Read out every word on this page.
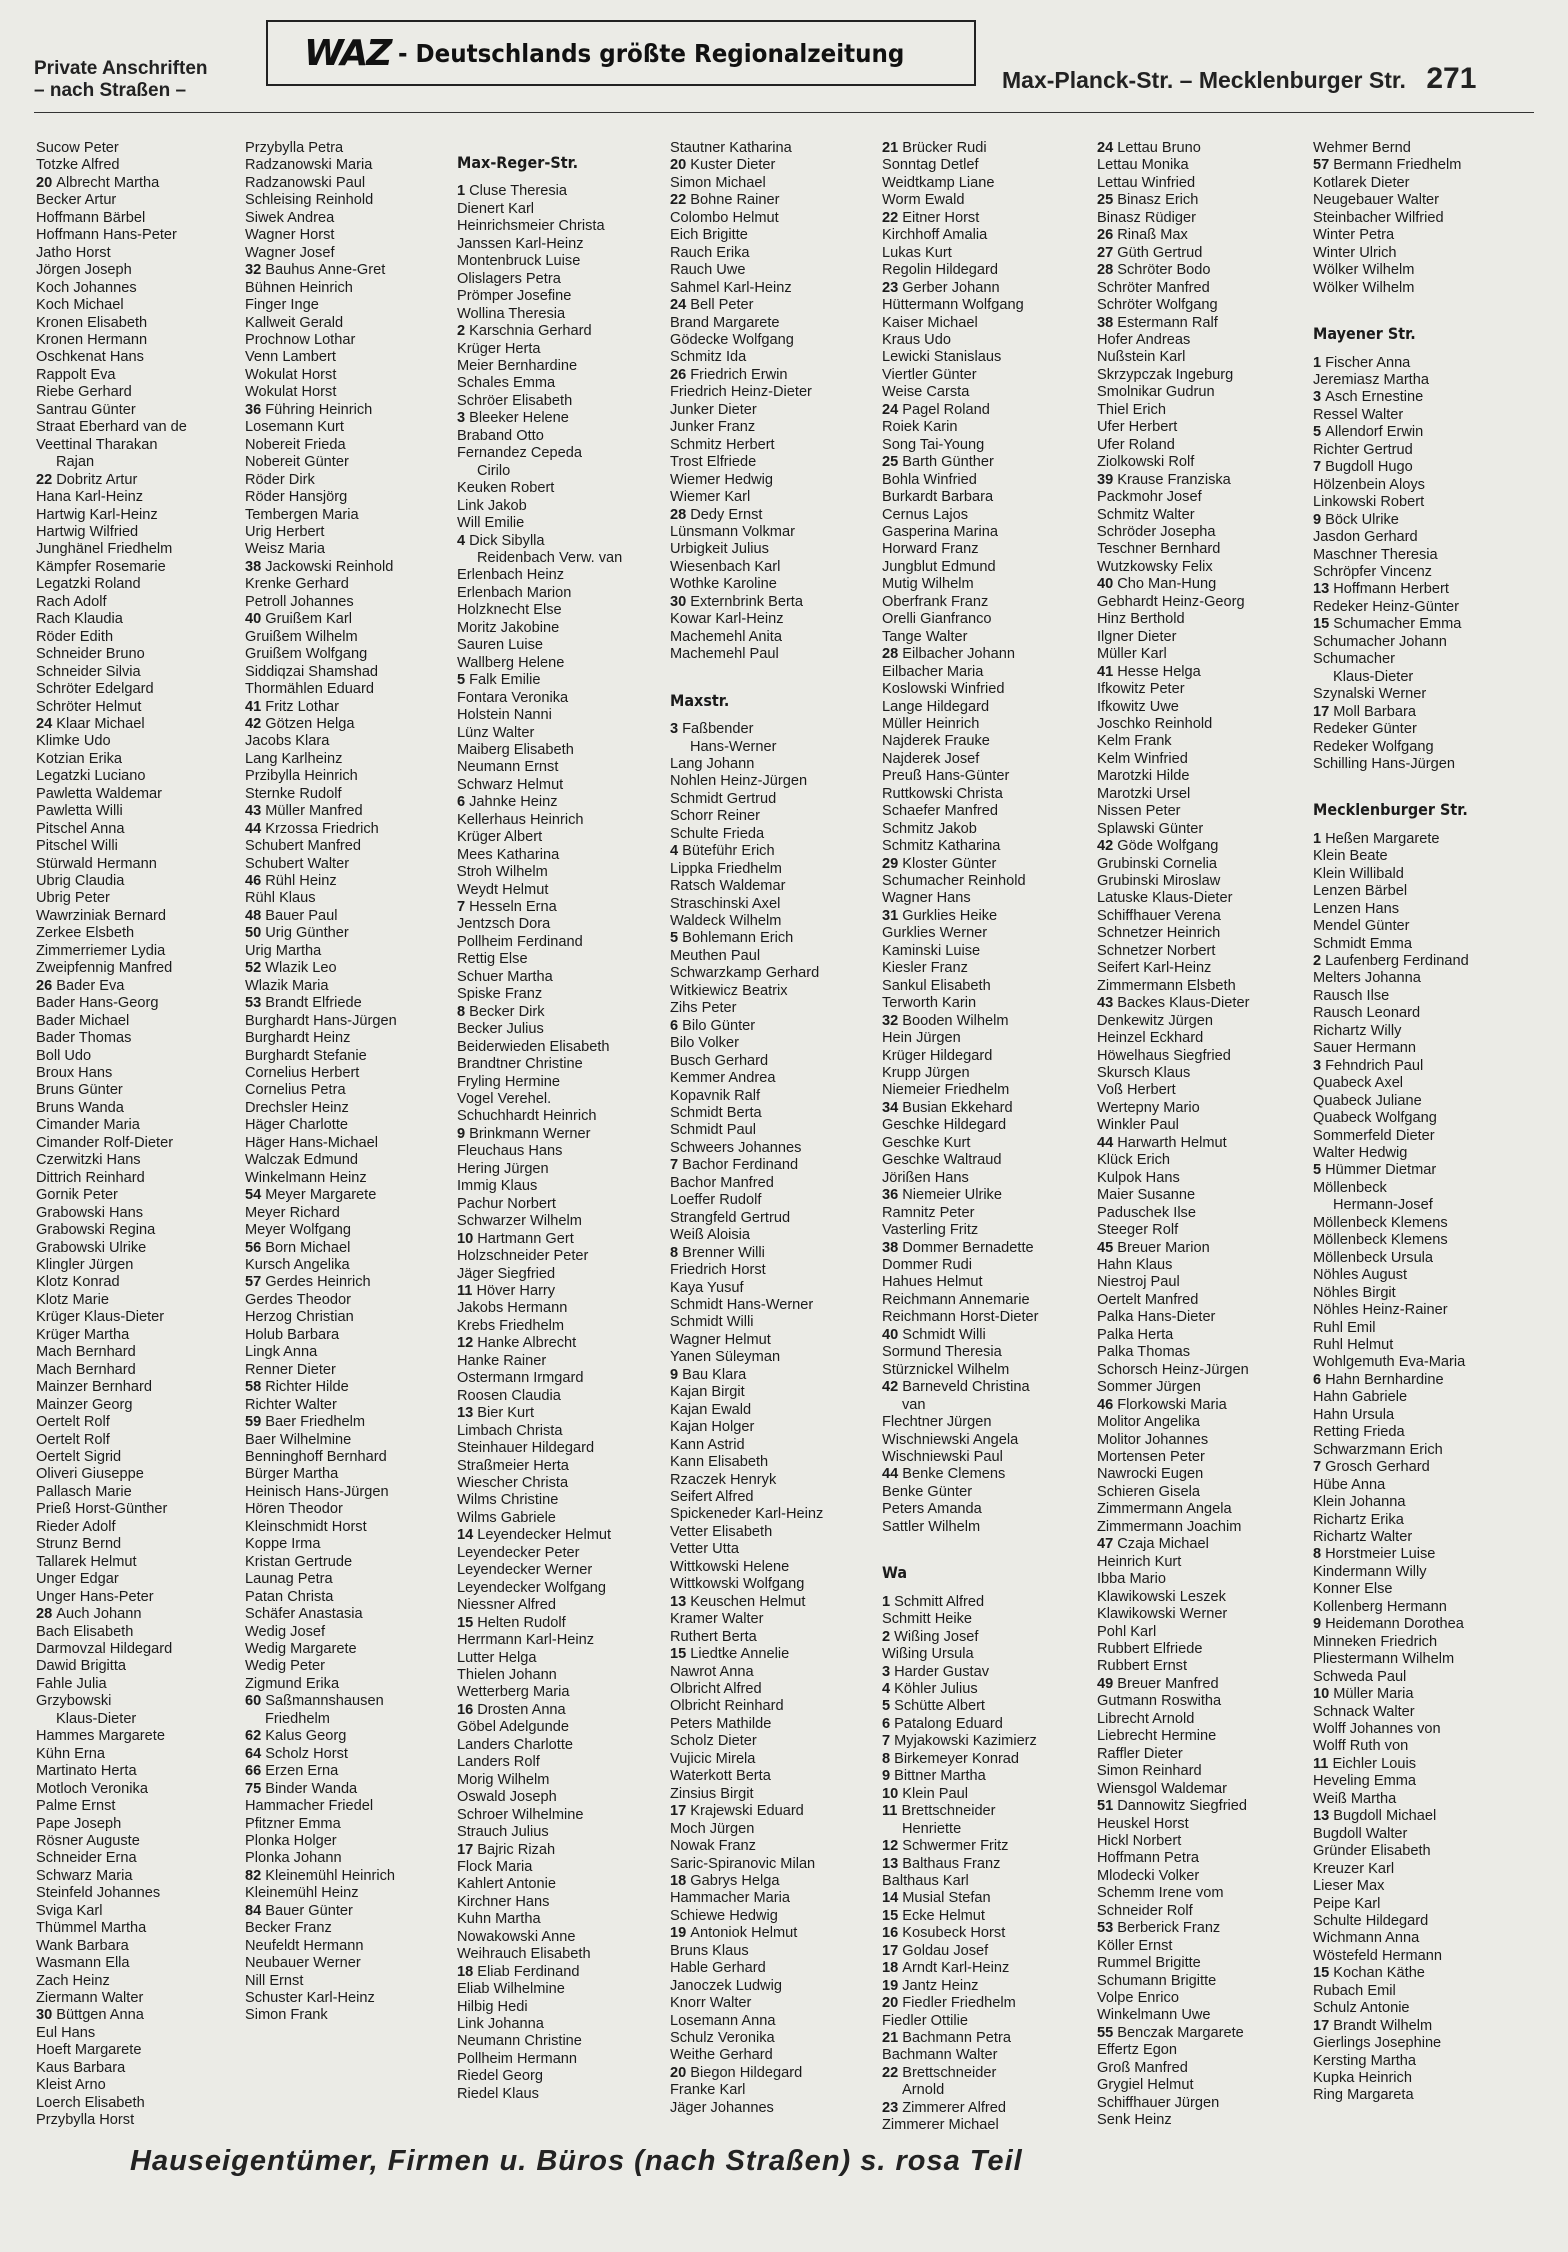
Private Anschriften
– nach Straßen –
WAZ - Deutschlands größte Regionalzeitung
Max-Planck-Str. – Mecklenburger Str. 271
Sucow Peter
Totzke Alfred
20 Albrecht Martha
Becker Artur
Hoffmann Bärbel
Hoffmann Hans-Peter
Jatho Horst
Jörgen Joseph
Koch Johannes
Koch Michael
Kronen Elisabeth
Kronen Hermann
Oschkenat Hans
Rappolt Eva
Riebe Gerhard
Santrau Günter
Straat Eberhard van de
Veettinal Tharakan
Rajan
22 Dobritz Artur
Hana Karl-Heinz
Hartwig Karl-Heinz
Hartwig Wilfried
Junghänel Friedhelm
Kämpfer Rosemarie
Legatzki Roland
Rach Adolf
Rach Klaudia
Röder Edith
Schneider Bruno
Schneider Silvia
Schröter Edelgard
Schröter Helmut
24 Klaar Michael
Klimke Udo
Kotzian Erika
Legatzki Luciano
Pawletta Waldemar
Pawletta Willi
Pitschel Anna
Pitschel Willi
Stürwald Hermann
Ubrig Claudia
Ubrig Peter
Wawrziniak Bernard
Zerkee Elsbeth
Zimmerriemer Lydia
Zweipfennig Manfred
26 Bader Eva
Bader Hans-Georg
Bader Michael
Bader Thomas
Boll Udo
Broux Hans
Bruns Günter
Bruns Wanda
Cimander Maria
Cimander Rolf-Dieter
Czerwitzki Hans
Dittrich Reinhard
Gornik Peter
Grabowski Hans
Grabowski Regina
Grabowski Ulrike
Klingler Jürgen
Klotz Konrad
Klotz Marie
Krüger Klaus-Dieter
Krüger Martha
Mach Bernhard
Mach Bernhard
Mainzer Bernhard
Mainzer Georg
Oertelt Rolf
Oertelt Rolf
Oertelt Sigrid
Oliveri Giuseppe
Pallasch Marie
Prieß Horst-Günther
Rieder Adolf
Strunz Bernd
Tallarek Helmut
Unger Edgar
Unger Hans-Peter
28 Auch Johann
Bach Elisabeth
Darmovzal Hildegard
Dawid Brigitta
Fahle Julia
Grzybowski
Klaus-Dieter
Hammes Margarete
Kühn Erna
Martinato Herta
Motloch Veronika
Palme Ernst
Pape Joseph
Rösner Auguste
Schneider Erna
Schwarz Maria
Steinfeld Johannes
Sviga Karl
Thümmel Martha
Wank Barbara
Wasmann Ella
Zach Heinz
Ziermann Walter
30 Büttgen Anna
Eul Hans
Hoeft Margarete
Kaus Barbara
Kleist Arno
Loerch Elisabeth
Przybylla Horst
Przybylla Petra
Radzanowski Maria
Radzanowski Paul
Schleising Reinhold
Siwek Andrea
Wagner Horst
Wagner Josef
32 Bauhus Anne-Gret
Bühnen Heinrich
Finger Inge
Kallweit Gerald
Prochnow Lothar
Venn Lambert
Wokulat Horst
Wokulat Horst
36 Führing Heinrich
Losemann Kurt
Nobereit Frieda
Nobereit Günter
Röder Dirk
Röder Hansjörg
Tembergen Maria
Urig Herbert
Weisz Maria
38 Jackowski Reinhold
Krenke Gerhard
Petroll Johannes
40 Gruißem Karl
Gruißem Wilhelm
Gruißem Wolfgang
Siddiqzai Shamshad
Thormählen Eduard
41 Fritz Lothar
42 Götzen Helga
Jacobs Klara
Lang Karlheinz
Przibylla Heinrich
Sternke Rudolf
43 Müller Manfred
44 Krzossa Friedrich
Schubert Manfred
Schubert Walter
46 Rühl Heinz
Rühl Klaus
48 Bauer Paul
50 Urig Günther
Urig Martha
52 Wlazik Leo
Wlazik Maria
53 Brandt Elfriede
Burghardt Hans-Jürgen
Burghardt Heinz
Burghardt Stefanie
Cornelius Herbert
Cornelius Petra
Drechsler Heinz
Häger Charlotte
Häger Hans-Michael
Walczak Edmund
Winkelmann Heinz
54 Meyer Margarete
Meyer Richard
Meyer Wolfgang
56 Born Michael
Kursch Angelika
57 Gerdes Heinrich
Gerdes Theodor
Herzog Christian
Holub Barbara
Lingk Anna
Renner Dieter
58 Richter Hilde
Richter Walter
59 Baer Friedhelm
Baer Wilhelmine
Benninghoff Bernhard
Bürger Martha
Heinisch Hans-Jürgen
Hören Theodor
Kleinschmidt Horst
Koppe Irma
Kristan Gertrude
Launag Petra
Patan Christa
Schäfer Anastasia
Wedig Josef
Wedig Margarete
Wedig Peter
Zigmund Erika
60 Saßmannshausen
Friedhelm
62 Kalus Georg
64 Scholz Horst
66 Erzen Erna
75 Binder Wanda
Hammacher Friedel
Pfitzner Emma
Plonka Holger
Plonka Johann
82 Kleinemühl Heinrich
Kleinemühl Heinz
84 Bauer Günter
Becker Franz
Neufeldt Hermann
Neubauer Werner
Nill Ernst
Schuster Karl-Heinz
Simon Frank
Max-Reger-Str.
1 Cluse Theresia
Dienert Karl
Heinrichsmeier Christa
Janssen Karl-Heinz
Montenbruck Luise
Olislagers Petra
Prömper Josefine
Wollina Theresia
2 Karschnia Gerhard
Krüger Herta
Meier Bernhardine
Schales Emma
Schröer Elisabeth
3 Bleeker Helene
Braband Otto
Fernandez Cepeda
Cirilo
Keuken Robert
Link Jakob
Will Emilie
4 Dick Sibylla
Reidenbach Verw. van
Erlenbach Heinz
Erlenbach Marion
Holzknecht Else
Moritz Jakobine
Sauren Luise
Wallberg Helene
5 Falk Emilie
Fontara Veronika
Holstein Nanni
Lünz Walter
Maiberg Elisabeth
Neumann Ernst
Schwarz Helmut
6 Jahnke Heinz
Kellerhaus Heinrich
Krüger Albert
Mees Katharina
Stroh Wilhelm
Weydt Helmut
7 Hesseln Erna
Jentzsch Dora
Pollheim Ferdinand
Rettig Else
Schuer Martha
Spiske Franz
8 Becker Dirk
Becker Julius
Beiderwieden Elisabeth
Brandtner Christine
Fryling Hermine
Vogel Verehel.
Schuchhardt Heinrich
9 Brinkmann Werner
Fleuchaus Hans
Hering Jürgen
Immig Klaus
Pachur Norbert
Schwarzer Wilhelm
10 Hartmann Gert
Holzschneider Peter
Jäger Siegfried
11 Höver Harry
Jakobs Hermann
Krebs Friedhelm
12 Hanke Albrecht
Hanke Rainer
Ostermann Irmgard
Roosen Claudia
13 Bier Kurt
Limbach Christa
Steinhauer Hildegard
Straßmeier Herta
Wiescher Christa
Wilms Christine
Wilms Gabriele
14 Leyendecker Helmut
Leyendecker Peter
Leyendecker Werner
Leyendecker Wolfgang
Niessner Alfred
15 Helten Rudolf
Herrmann Karl-Heinz
Lutter Helga
Thielen Johann
Wetterberg Maria
16 Drosten Anna
Göbel Adelgunde
Landers Charlotte
Landers Rolf
Morig Wilhelm
Oswald Joseph
Schroer Wilhelmine
Strauch Julius
17 Bajric Rizah
Flock Maria
Kahlert Antonie
Kirchner Hans
Kuhn Martha
Nowakowski Anne
Weihrauch Elisabeth
18 Eliab Ferdinand
Eliab Wilhelmine
Hilbig Hedi
Link Johanna
Neumann Christine
Pollheim Hermann
Riedel Georg
Riedel Klaus
Stautner Katharina
20 Kuster Dieter
Simon Michael
22 Bohne Rainer
Colombo Helmut
Eich Brigitte
Rauch Erika
Rauch Uwe
Sahmel Karl-Heinz
24 Bell Peter
Brand Margarete
Gödecke Wolfgang
Schmitz Ida
26 Friedrich Erwin
Friedrich Heinz-Dieter
Junker Dieter
Junker Franz
Schmitz Herbert
Trost Elfriede
Wiemer Hedwig
Wiemer Karl
28 Dedy Ernst
Lünsmann Volkmar
Urbigkeit Julius
Wiesenbach Karl
Wothke Karoline
30 Externbrink Berta
Kowar Karl-Heinz
Machemehl Anita
Machemehl Paul
Maxstr.
3 Faßbender
Hans-Werner
Lang Johann
Nohlen Heinz-Jürgen
Schmidt Gertrud
Schorr Reiner
Schulte Frieda
4 Büteführ Erich
Lippka Friedhelm
Ratsch Waldemar
Straschinski Axel
Waldeck Wilhelm
5 Bohlemann Erich
Meuthen Paul
Schwarzkamp Gerhard
Witkiewicz Beatrix
Zihs Peter
6 Bilo Günter
Bilo Volker
Busch Gerhard
Kemmer Andrea
Kopavnik Ralf
Schmidt Berta
Schmidt Paul
Schweers Johannes
7 Bachor Ferdinand
Bachor Manfred
Loeffer Rudolf
Strangfeld Gertrud
Weiß Aloisia
8 Brenner Willi
Friedrich Horst
Kaya Yusuf
Schmidt Hans-Werner
Schmidt Willi
Wagner Helmut
Yanen Süleyman
9 Bau Klara
Kajan Birgit
Kajan Ewald
Kajan Holger
Kann Astrid
Kann Elisabeth
Rzaczek Henryk
Seifert Alfred
Spickeneder Karl-Heinz
Vetter Elisabeth
Vetter Utta
Wittkowski Helene
Wittkowski Wolfgang
13 Keuschen Helmut
Kramer Walter
Ruthert Berta
15 Liedtke Annelie
Nawrot Anna
Olbricht Alfred
Olbricht Reinhard
Peters Mathilde
Scholz Dieter
Vujicic Mirela
Waterkott Berta
Zinsius Birgit
17 Krajewski Eduard
Moch Jürgen
Nowak Franz
Saric-Spiranovic Milan
18 Gabrys Helga
Hammacher Maria
Schiewe Hedwig
19 Antoniok Helmut
Bruns Klaus
Hable Gerhard
Janoczek Ludwig
Knorr Walter
Losemann Anna
Schulz Veronika
Weithe Gerhard
20 Biegon Hildegard
Franke Karl
Jäger Johannes
21 Brücker Rudi
Sonntag Detlef
Weidtkamp Liane
Worm Ewald
22 Eitner Horst
Kirchhoff Amalia
Lukas Kurt
Regolin Hildegard
23 Gerber Johann
Hüttermann Wolfgang
Kaiser Michael
Kraus Udo
Lewicki Stanislaus
Viertler Günter
Weise Carsta
24 Pagel Roland
Roiek Karin
Song Tai-Young
25 Barth Günther
Bohla Winfried
Burkardt Barbara
Cernus Lajos
Gasperina Marina
Horward Franz
Jungblut Edmund
Mutig Wilhelm
Oberfrank Franz
Orelli Gianfranco
Tange Walter
28 Eilbacher Johann
Eilbacher Maria
Koslowski Winfried
Lange Hildegard
Müller Heinrich
Najderek Frauke
Najderek Josef
Preuß Hans-Günter
Ruttkowski Christa
Schaefer Manfred
Schmitz Jakob
Schmitz Katharina
29 Kloster Günter
Schumacher Reinhold
Wagner Hans
31 Gurklies Heike
Gurklies Werner
Kaminski Luise
Kiesler Franz
Sankul Elisabeth
Terworth Karin
32 Booden Wilhelm
Hein Jürgen
Krüger Hildegard
Krupp Jürgen
Niemeier Friedhelm
34 Busian Ekkehard
Geschke Hildegard
Geschke Kurt
Geschke Waltraud
Jörißen Hans
36 Niemeier Ulrike
Ramnitz Peter
Vasterling Fritz
38 Dommer Bernadette
Dommer Rudi
Hahues Helmut
Reichmann Annemarie
Reichmann Horst-Dieter
40 Schmidt Willi
Sormund Theresia
Stürznickel Wilhelm
42 Barneveld Christina
van
Flechtner Jürgen
Wischniewski Angela
Wischniewski Paul
44 Benke Clemens
Benke Günter
Peters Amanda
Sattler Wilhelm
Wa
1 Schmitt Alfred
Schmitt Heike
2 Wißing Josef
Wißing Ursula
3 Harder Gustav
4 Köhler Julius
5 Schütte Albert
6 Patalong Eduard
7 Myjakowski Kazimierz
8 Birkemeyer Konrad
9 Bittner Martha
10 Klein Paul
11 Brettschneider
Henriette
12 Schwermer Fritz
13 Balthaus Franz
Balthaus Karl
14 Musial Stefan
15 Ecke Helmut
16 Kosubeck Horst
17 Goldau Josef
18 Arndt Karl-Heinz
19 Jantz Heinz
20 Fiedler Friedhelm
Fiedler Ottilie
21 Bachmann Petra
Bachmann Walter
22 Brettschneider
Arnold
23 Zimmerer Alfred
Zimmerer Michael
24 Lettau Bruno
Lettau Monika
Lettau Winfried
25 Binasz Erich
Binasz Rüdiger
26 Rinaß Max
27 Güth Gertrud
28 Schröter Bodo
Schröter Manfred
Schröter Wolfgang
38 Estermann Ralf
Hofer Andreas
Nußstein Karl
Skrzypczak Ingeburg
Smolnikar Gudrun
Thiel Erich
Ufer Herbert
Ufer Roland
Ziolkowski Rolf
39 Krause Franziska
Packmohr Josef
Schmitz Walter
Schröder Josepha
Teschner Bernhard
Wutzkowsky Felix
40 Cho Man-Hung
Gebhardt Heinz-Georg
Hinz Berthold
Ilgner Dieter
Müller Karl
41 Hesse Helga
Ifkowitz Peter
Ifkowitz Uwe
Joschko Reinhold
Kelm Frank
Kelm Winfried
Marotzki Hilde
Marotzki Ursel
Nissen Peter
Splawski Günter
42 Göde Wolfgang
Grubinski Cornelia
Grubinski Miroslaw
Latuske Klaus-Dieter
Schiffhauer Verena
Schnetzer Heinrich
Schnetzer Norbert
Seifert Karl-Heinz
Zimmermann Elsbeth
43 Backes Klaus-Dieter
Denkewitz Jürgen
Heinzel Eckhard
Höwelhaus Siegfried
Skursch Klaus
Voß Herbert
Wertepny Mario
Winkler Paul
44 Harwarth Helmut
Klück Erich
Kulpok Hans
Maier Susanne
Paduschek Ilse
Steeger Rolf
45 Breuer Marion
Hahn Klaus
Niestroj Paul
Oertelt Manfred
Palka Hans-Dieter
Palka Herta
Palka Thomas
Schorsch Heinz-Jürgen
Sommer Jürgen
46 Florkowski Maria
Molitor Angelika
Molitor Johannes
Mortensen Peter
Nawrocki Eugen
Schieren Gisela
Zimmermann Angela
Zimmermann Joachim
47 Czaja Michael
Heinrich Kurt
Ibba Mario
Klawikowski Leszek
Klawikowski Werner
Pohl Karl
Rubbert Elfriede
Rubbert Ernst
49 Breuer Manfred
Gutmann Roswitha
Librecht Arnold
Liebrecht Hermine
Raffler Dieter
Simon Reinhard
Wiensgol Waldemar
51 Dannowitz Siegfried
Heuskel Horst
Hickl Norbert
Hoffmann Petra
Mlodecki Volker
Schemm Irene vom
Schneider Rolf
53 Berberick Franz
Köller Ernst
Rummel Brigitte
Schumann Brigitte
Volpe Enrico
Winkelmann Uwe
55 Benczak Margarete
Effertz Egon
Groß Manfred
Grygiel Helmut
Schiffhauer Jürgen
Senk Heinz
Wehmer Bernd
57 Bermann Friedhelm
Kotlarek Dieter
Neugebauer Walter
Steinbacher Wilfried
Winter Petra
Winter Ulrich
Wölker Wilhelm
Wölker Wilhelm
Mayener Str.
1 Fischer Anna
Jeremiasz Martha
3 Asch Ernestine
Ressel Walter
5 Allendorf Erwin
Richter Gertrud
7 Bugdoll Hugo
Hölzenbein Aloys
Linkowski Robert
9 Böck Ulrike
Jasdon Gerhard
Maschner Theresia
Schröpfer Vincenz
13 Hoffmann Herbert
Redeker Heinz-Günter
15 Schumacher Emma
Schumacher Johann
Schumacher
Klaus-Dieter
Szynalski Werner
17 Moll Barbara
Redeker Günter
Redeker Wolfgang
Schilling Hans-Jürgen
Mecklenburger Str.
1 Heßen Margarete
Klein Beate
Klein Willibald
Lenzen Bärbel
Lenzen Hans
Mendel Günter
Schmidt Emma
2 Laufenberg Ferdinand
Melters Johanna
Rausch Ilse
Rausch Leonard
Richartz Willy
Sauer Hermann
3 Fehndrich Paul
Quabeck Axel
Quabeck Juliane
Quabeck Wolfgang
Sommerfeld Dieter
Walter Hedwig
5 Hümmer Dietmar
Möllenbeck
Hermann-Josef
Möllenbeck Klemens
Möllenbeck Klemens
Möllenbeck Ursula
Nöhles August
Nöhles Birgit
Nöhles Heinz-Rainer
Ruhl Emil
Ruhl Helmut
Wohlgemuth Eva-Maria
6 Hahn Bernhardine
Hahn Gabriele
Hahn Ursula
Retting Frieda
Schwarzmann Erich
7 Grosch Gerhard
Hübe Anna
Klein Johanna
Richartz Erika
Richartz Walter
8 Horstmeier Luise
Kindermann Willy
Konner Else
Kollenberg Hermann
9 Heidemann Dorothea
Minneken Friedrich
Pliestermann Wilhelm
Schweda Paul
10 Müller Maria
Schnack Walter
Wolff Johannes von
Wolff Ruth von
11 Eichler Louis
Heveling Emma
Weiß Martha
13 Bugdoll Michael
Bugdoll Walter
Gründer Elisabeth
Kreuzer Karl
Lieser Max
Peipe Karl
Schulte Hildegard
Wichmann Anna
Wöstefeld Hermann
15 Kochan Käthe
Rubach Emil
Schulz Antonie
17 Brandt Wilhelm
Gierlings Josephine
Kersting Martha
Kupka Heinrich
Ring Margareta
Hauseigentümer, Firmen u. Büros (nach Straßen) s. rosa Teil
